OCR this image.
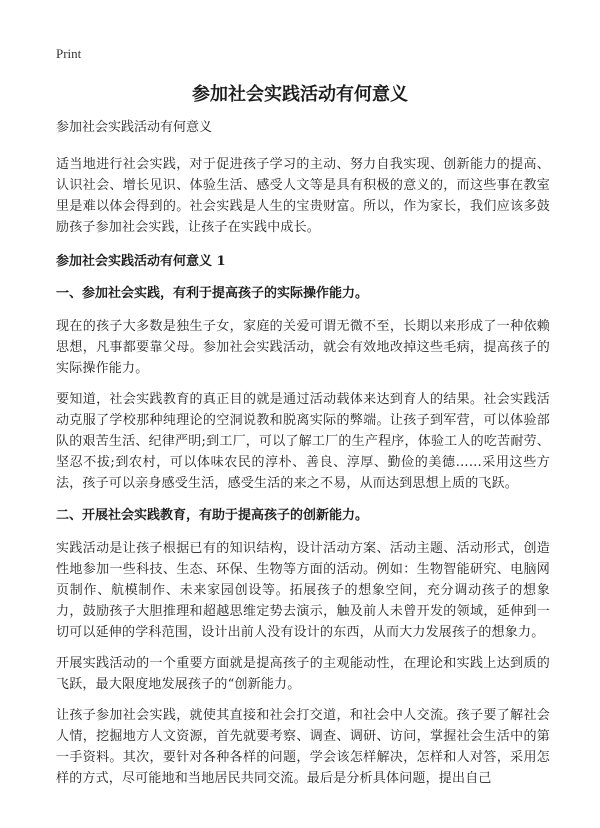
Print
参加社会实践活动有何意义

参加社会实践活动有何意义

适当地进行社会实践，对于促进孩子学习的主动、努力自我实现、创新能力的提高、认识社会、增长见识、体验生活、感受人文等是具有积极的意义的，而这些事在教室里是难以体会得到的。社会实践是人生的宝贵财富。所以，作为家长，我们应该多鼓励孩子参加社会实践，让孩子在实践中成长。

参加社会实践活动有何意义 1

一、参加社会实践，有利于提高孩子的实际操作能力。

现在的孩子大多数是独生子女，家庭的关爱可谓无微不至，长期以来形成了一种依赖思想，凡事都要靠父母。参加社会实践活动，就会有效地改掉这些毛病，提高孩子的实际操作能力。

要知道，社会实践教育的真正目的就是通过活动载体来达到育人的结果。社会实践活动克服了学校那种纯理论的空洞说教和脱离实际的弊端。让孩子到军营，可以体验部队的艰苦生活、纪律严明;到工厂，可以了解工厂的生产程序，体验工人的吃苦耐劳、坚忍不拔;到农村，可以体味农民的淳朴、善良、淳厚、勤俭的美德……采用这些方法，孩子可以亲身感受生活，感受生活的来之不易，从而达到思想上质的飞跃。

二、开展社会实践教育，有助于提高孩子的创新能力。

实践活动是让孩子根据已有的知识结构，设计活动方案、活动主题、活动形式，创造性地参加一些科技、生态、环保、生物等方面的活动。例如：生物智能研究、电脑网页制作、航模制作、未来家园创设等。拓展孩子的想象空间，充分调动孩子的想象力，鼓励孩子大胆推理和超越思维定势去演示，触及前人未曾开发的领域，延伸到一切可以延伸的学科范围，设计出前人没有设计的东西，从而大力发展孩子的想象力。

开展实践活动的一个重要方面就是提高孩子的主观能动性，在理论和实践上达到质的飞跃，最大限度地发展孩子的“创新能力。

让孩子参加社会实践，就使其直接和社会打交道，和社会中人交流。孩子要了解社会人情，挖掘地方人文资源，首先就要考察、调查、调研、访问，掌握社会生活中的第一手资料。其次，要针对各种各样的问题，学会该怎样解决，怎样和人对答，采用怎样的方式，尽可能地和当地居民共同交流。最后是分析具体问题，提出自己
